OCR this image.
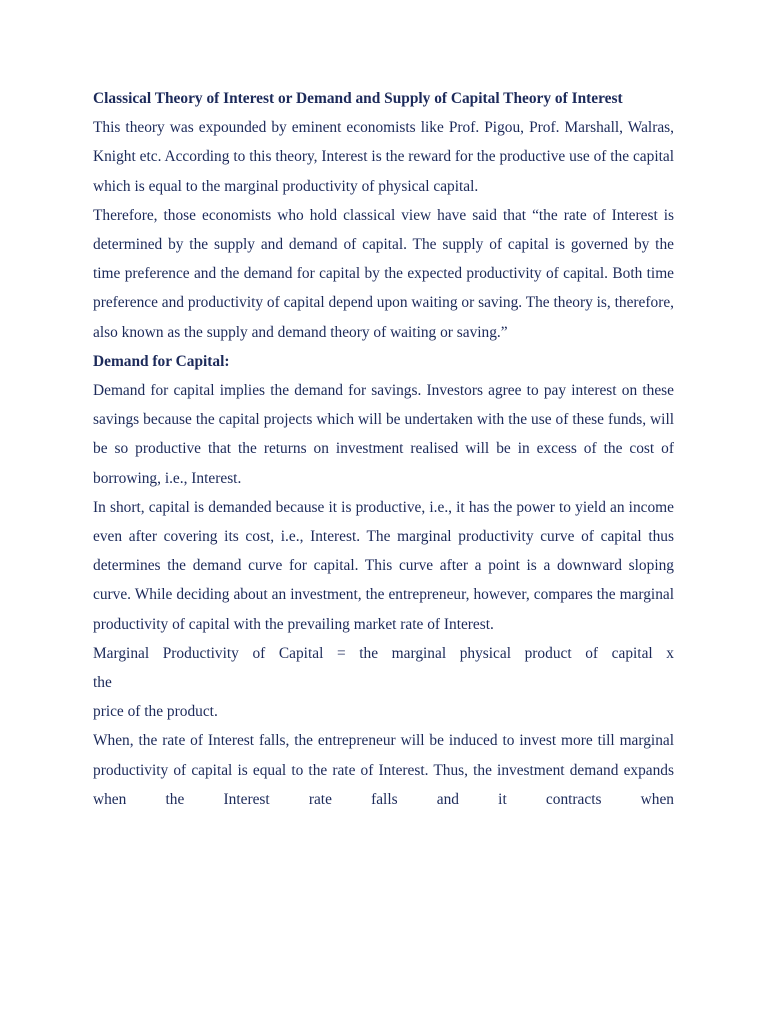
Classical Theory of Interest or Demand and Supply of Capital Theory of Interest

This theory was expounded by eminent economists like Prof. Pigou, Prof. Marshall, Walras, Knight etc. According to this theory, Interest is the reward for the productive use of the capital which is equal to the marginal productivity of physical capital.

Therefore, those economists who hold classical view have said that “the rate of Interest is determined by the supply and demand of capital. The supply of capital is governed by the time preference and the demand for capital by the expected productivity of capital. Both time preference and productivity of capital depend upon waiting or saving. The theory is, therefore, also known as the supply and demand theory of waiting or saving.”

Demand for Capital:

Demand for capital implies the demand for savings. Investors agree to pay interest on these savings because the capital projects which will be undertaken with the use of these funds, will be so productive that the returns on investment realised will be in excess of the cost of borrowing, i.e., Interest.

In short, capital is demanded because it is productive, i.e., it has the power to yield an income even after covering its cost, i.e., Interest. The marginal productivity curve of capital thus determines the demand curve for capital. This curve after a point is a downward sloping curve. While deciding about an investment, the entrepreneur, however, compares the marginal productivity of capital with the prevailing market rate of Interest.

Marginal Productivity of Capital = the marginal physical product of capital x
the
price of the product.

When, the rate of Interest falls, the entrepreneur will be induced to invest more till marginal productivity of capital is equal to the rate of Interest. Thus, the investment demand expands when the Interest rate falls and it contracts when
